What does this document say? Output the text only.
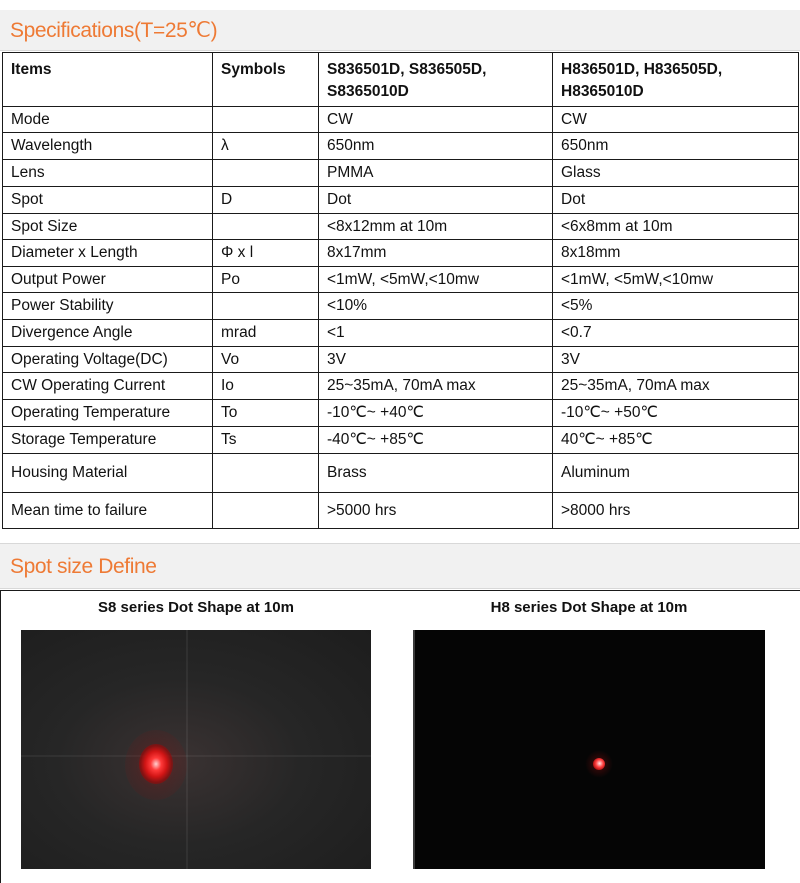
Specifications(T=25℃)
Items	Symbols	S836501D, S836505D, S8365010D	H836501D, H836505D, H8365010D

Mode		CW	CW
Wavelength	λ	650nm	650nm
Lens		PMMA	Glass
Spot	D	Dot	Dot
Spot Size		<8x12mm at 10m	<6x8mm at 10m
Diameter x Length	Φ x l	8x17mm	8x18mm
Output Power	Po	<1mW, <5mW,<10mw	<1mW, <5mW,<10mw
Power Stability		<10%	<5%
Divergence Angle	mrad	<1	<0.7
Operating Voltage(DC)	Vo	3V	3V
CW Operating Current	Io	25~35mA, 70mA max	25~35mA, 70mA max
Operating Temperature	To	-10℃~ +40℃	-10℃~ +50℃
Storage Temperature	Ts	-40℃~ +85℃	40℃~ +85℃
Housing Material		Brass	Aluminum
Mean time to failure		>5000 hrs	>8000 hrs
Spot size Define
S8 series Dot Shape at 10m	H8 series Dot Shape at 10m
